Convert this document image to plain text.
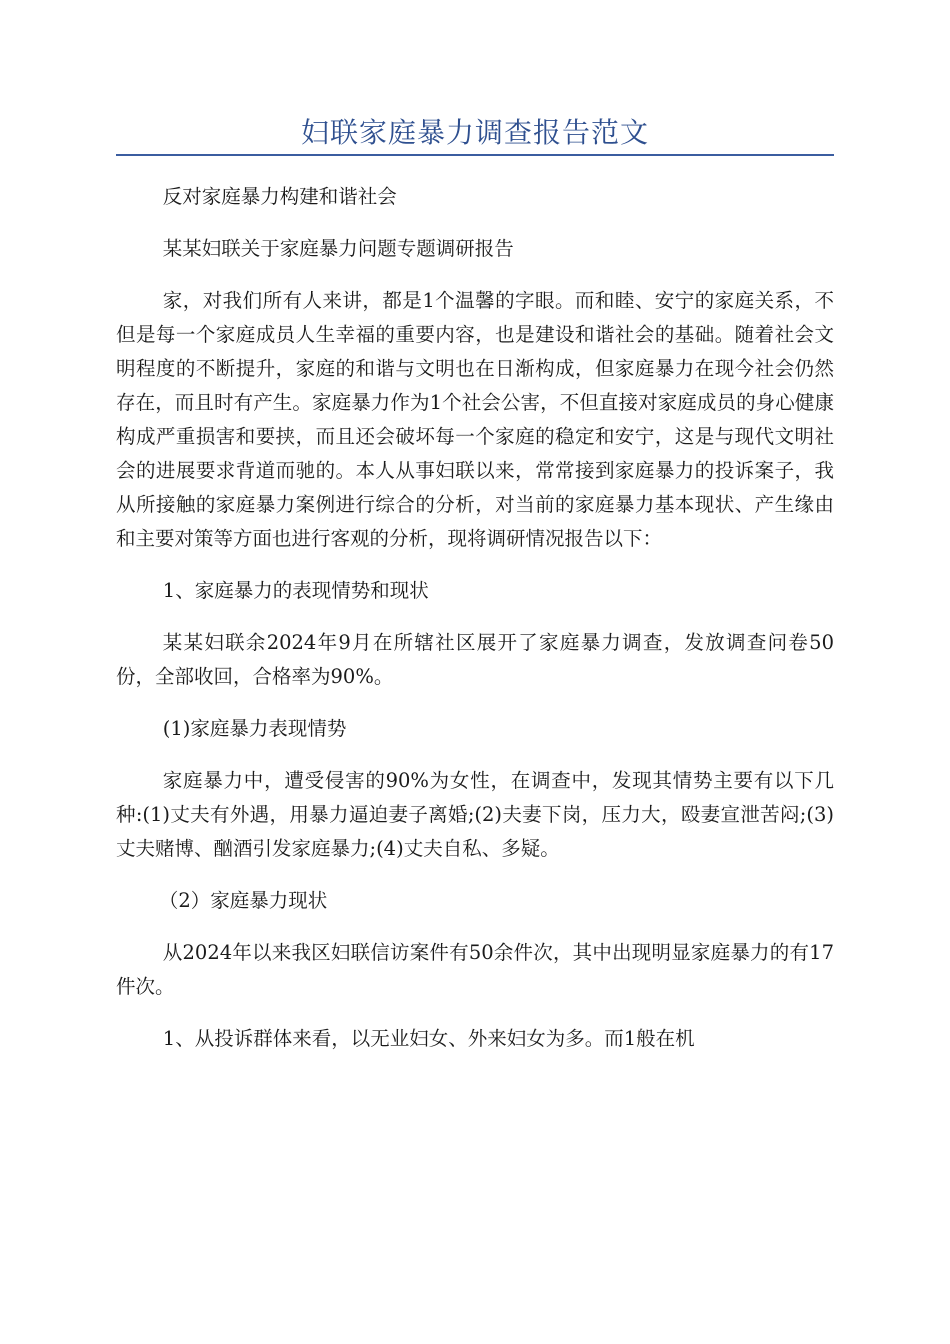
妇联家庭暴力调查报告范文

反对家庭暴力构建和谐社会

某某妇联关于家庭暴力问题专题调研报告

家，对我们所有人来讲，都是1个温馨的字眼。而和睦、安宁的家庭关系，不但是每一个家庭成员人生幸福的重要内容，也是建设和谐社会的基础。随着社会文明程度的不断提升，家庭的和谐与文明也在日渐构成，但家庭暴力在现今社会仍然存在，而且时有产生。家庭暴力作为1个社会公害，不但直接对家庭成员的身心健康构成严重损害和要挟，而且还会破坏每一个家庭的稳定和安宁，这是与现代文明社会的进展要求背道而驰的。本人从事妇联以来，常常接到家庭暴力的投诉案子，我从所接触的家庭暴力案例进行综合的分析，对当前的家庭暴力基本现状、产生缘由和主要对策等方面也进行客观的分析，现将调研情况报告以下：

1、家庭暴力的表现情势和现状

某某妇联余2024年9月在所辖社区展开了家庭暴力调查，发放调查问卷50份，全部收回，合格率为90%。

(1)家庭暴力表现情势

家庭暴力中，遭受侵害的90%为女性，在调查中，发现其情势主要有以下几种:(1)丈夫有外遇，用暴力逼迫妻子离婚;(2)夫妻下岗，压力大，殴妻宣泄苦闷;(3)丈夫赌博、酗酒引发家庭暴力;(4)丈夫自私、多疑。

（2）家庭暴力现状

从2024年以来我区妇联信访案件有50余件次，其中出现明显家庭暴力的有17件次。

1、从投诉群体来看，以无业妇女、外来妇女为多。而1般在机
